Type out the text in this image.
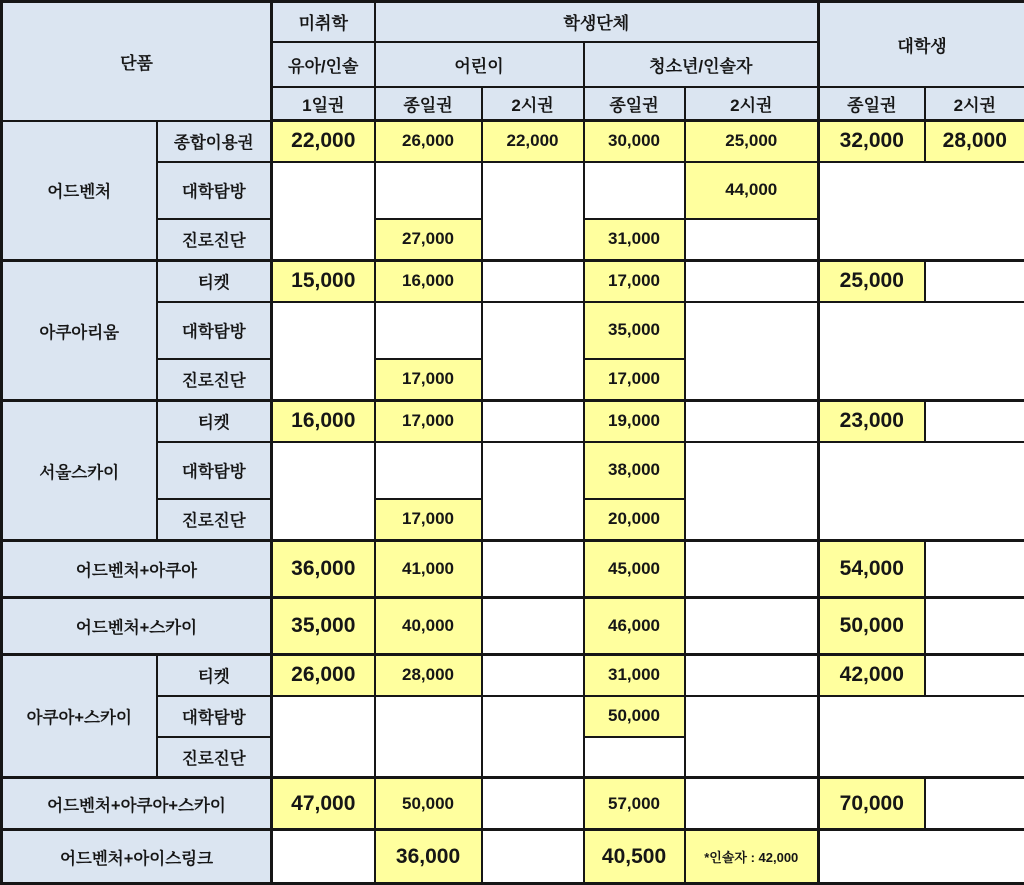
단품		미취학	학생단체				대학생	
		유아/인솔	어린이		청소년/인솔자			
		1일권	종일권	2시권	종일권	2시권	종일권	2시권
어드벤처	종합이용권	22,000	26,000	22,000	30,000	25,000	32,000	28,000
	대학탐방					44,000		
	진로진단		27,000		31,000			
아쿠아리움	티켓	15,000	16,000		17,000		25,000	
	대학탐방				35,000			
	진로진단		17,000		17,000			
서울스카이	티켓	16,000	17,000		19,000		23,000	
	대학탐방				38,000			
	진로진단		17,000		20,000			
어드벤처+아쿠아		36,000	41,000		45,000		54,000	
어드벤처+스카이		35,000	40,000		46,000		50,000	
아쿠아+스카이	티켓	26,000	28,000		31,000		42,000	
	대학탐방				50,000			
	진로진단							
어드벤처+아쿠아+스카이		47,000	50,000		57,000		70,000	
어드벤처+아이스링크			36,000		40,500	*인솔자 : 42,000		
